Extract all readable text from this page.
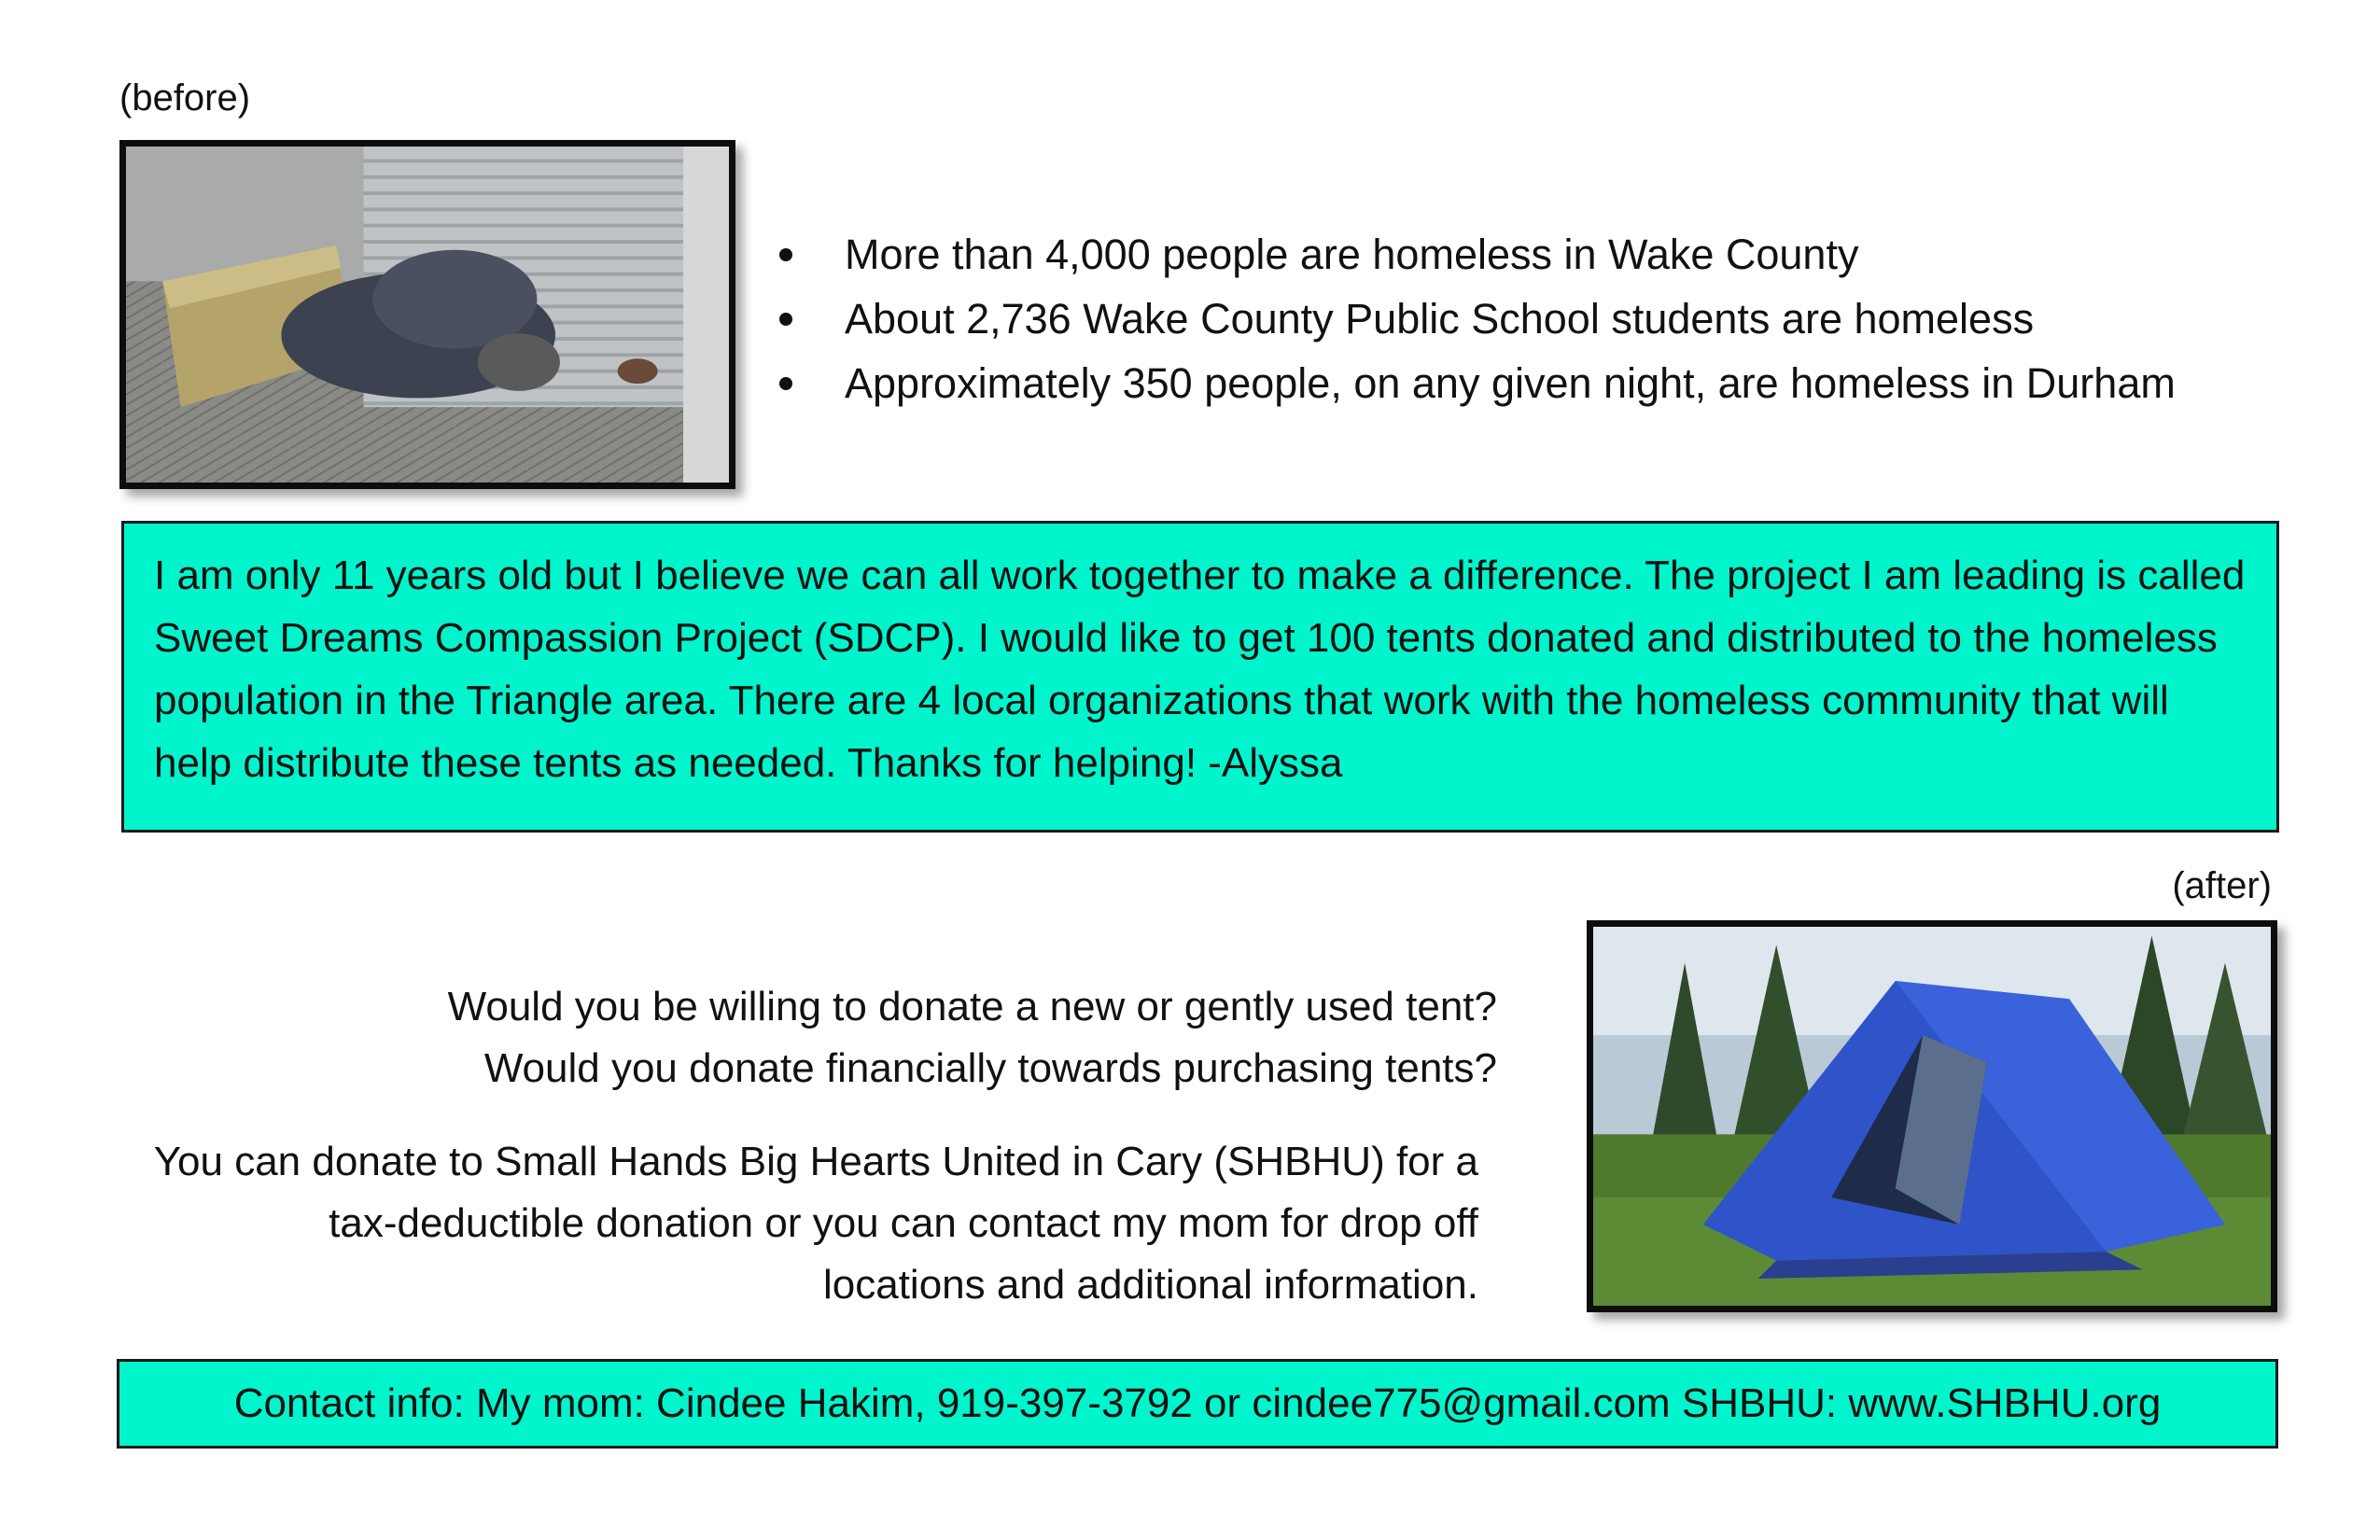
(before)
More than 4,000 people are homeless in Wake County
About 2,736 Wake County Public School students are homeless
Approximately 350 people, on any given night, are homeless in Durham
I am only 11 years old but I believe we can all work together to make a difference. The project I am leading is called Sweet Dreams Compassion Project (SDCP). I would like to get 100 tents donated and distributed to the homeless population in the Triangle area. There are 4 local organizations that work with the homeless community that will help distribute these tents as needed. Thanks for helping! -Alyssa
(after)
Would you be willing to donate a new or gently used tent?
Would you donate financially towards purchasing tents?
You can donate to Small Hands Big Hearts United in Cary (SHBHU) for a
tax-deductible donation or you can contact my mom for drop off
locations and additional information.
Contact info: My mom: Cindee Hakim, 919-397-3792 or cindee775@gmail.com SHBHU: www.SHBHU.org
